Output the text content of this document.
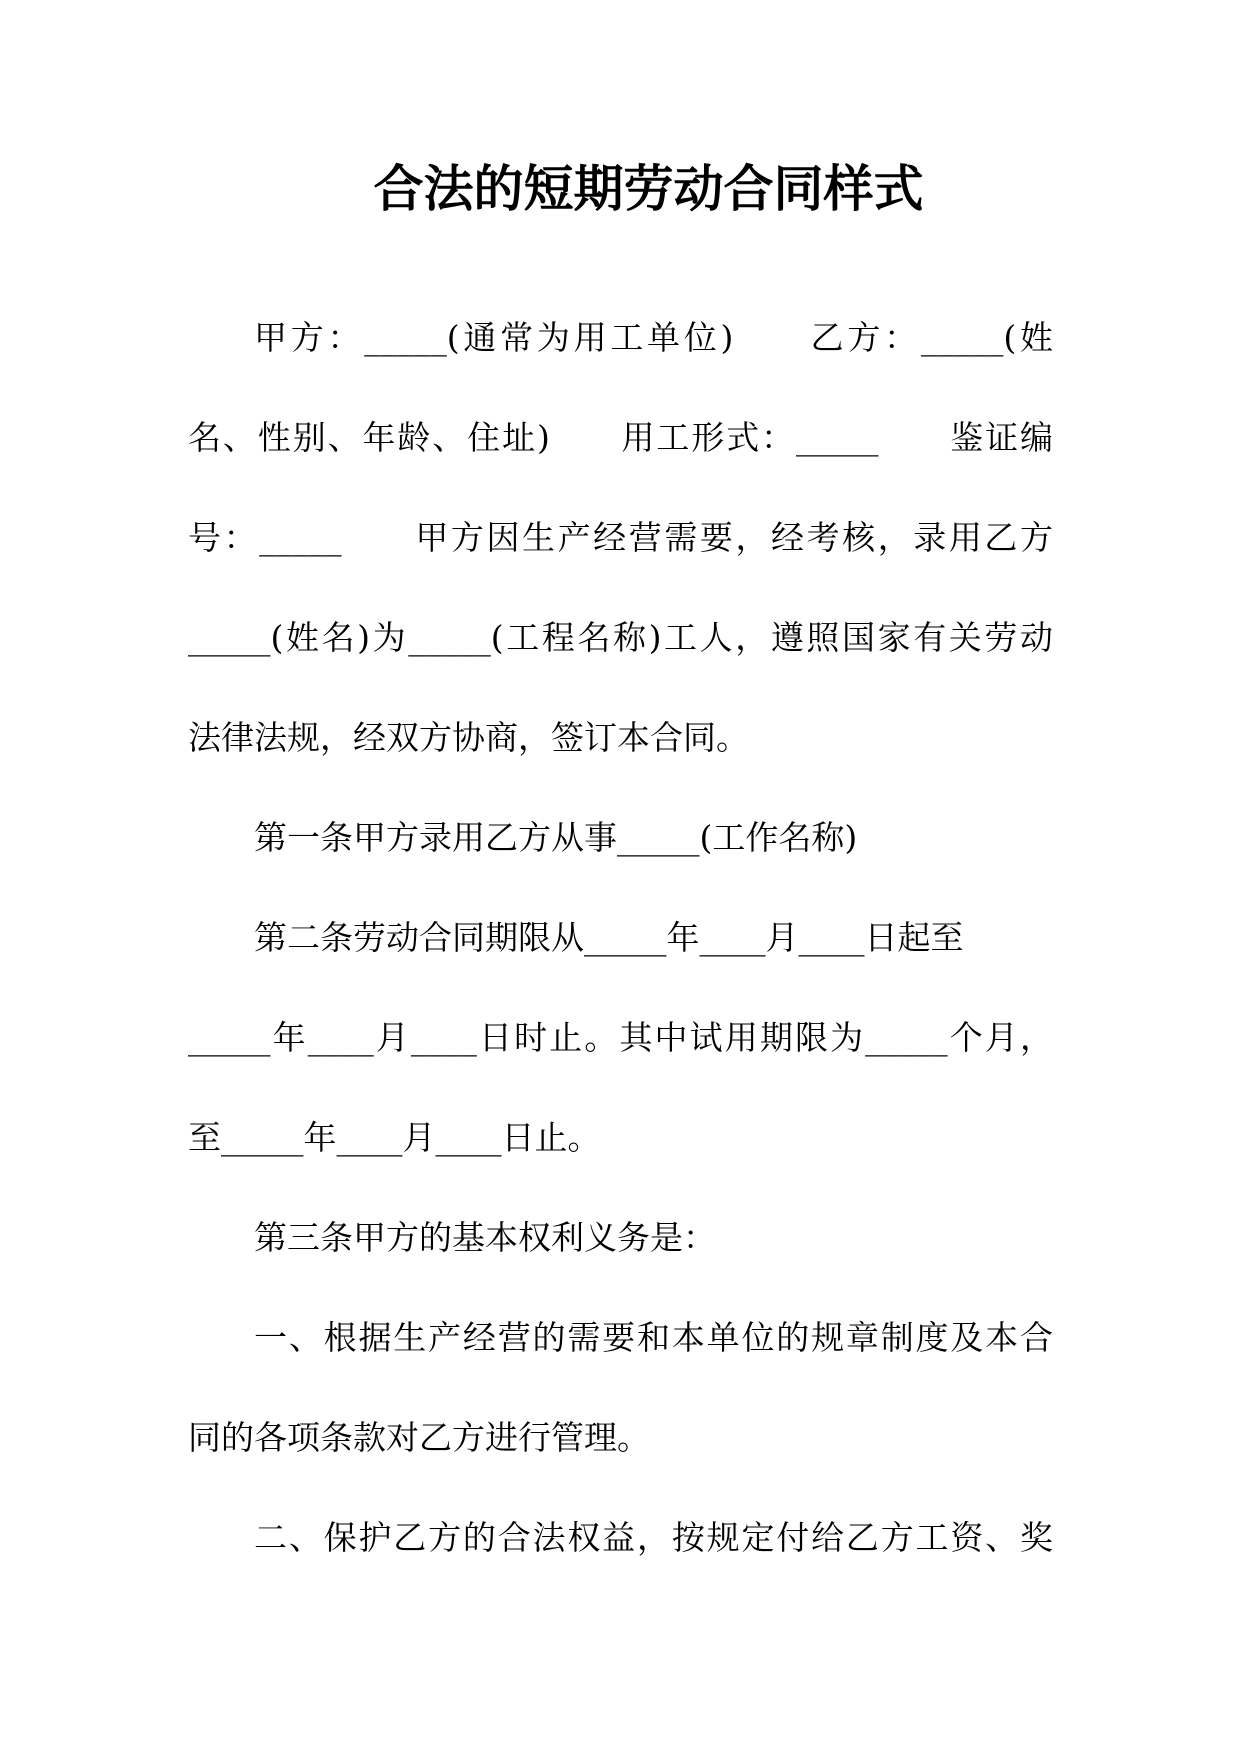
合法的短期劳动合同样式
甲方：_____(通常为用工单位)　　乙方：_____(姓
名、性别、年龄、住址)　　用工形式：_____　　鉴证编
号：_____　　甲方因生产经营需要，经考核，录用乙方
_____(姓名)为_____(工程名称)工人，遵照国家有关劳动
法律法规，经双方协商，签订本合同。
第一条甲方录用乙方从事_____(工作名称)
第二条劳动合同期限从_____年____月____日起至
_____年____月____日时止。其中试用期限为_____个月，
至_____年____月____日止。
第三条甲方的基本权利义务是：
一、根据生产经营的需要和本单位的规章制度及本合
同的各项条款对乙方进行管理。
二、保护乙方的合法权益，按规定付给乙方工资、奖
